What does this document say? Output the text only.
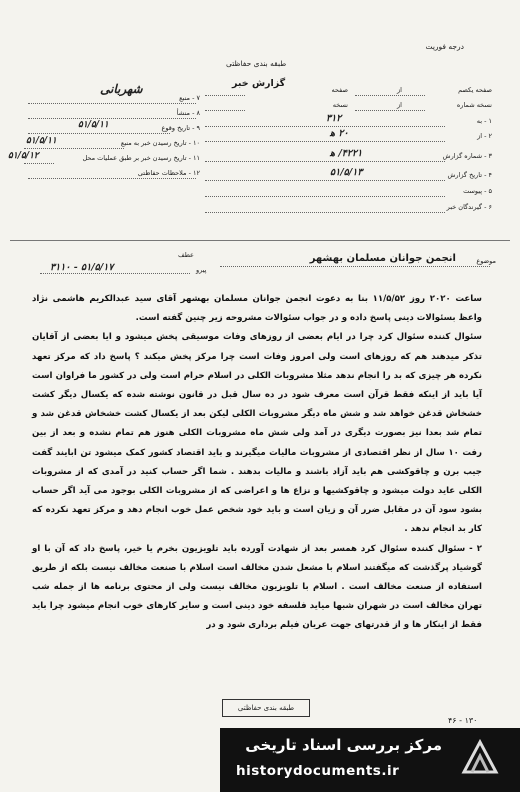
درجه فوریت
طبقه بندی حفاظتی
گزارش خبر
شهربانی
۷ - منبع
۸ - منشأ
۹ - تاریخ وقوع
۵۱/۵/۱۱
۱۰ - تاریخ رسیدن خبر به منبع
۵۱/۵/۱۱
۱۱ - تاریخ رسیدن خبر بر طبق عملیات محل
۵۱/۵/۱۲
۱۲ - ملاحظات حفاظتی
صفحه یکصم
از
صفحه
نسخه شماره
از
نسخه
۱ - به
۳۱۲
۲ - از
۲۰ ه‍
۳ - شماره گزارش
۴۲۲۱/ ه‍
۴ - تاریخ گزارش
۵۱/۵/۱۳
۵ - پیوست
۶ - گیرندگان خبر
موضوع
انجمن جوانان مسلمان بهشهر
عطف
پیرو
۵۱/۵/۱۷ - ۳۱۱۰

ساعت ۲۰۲۰ روز ۱۱/۵/۵۲ بنا به دعوت انجمن جوانان مسلمان بهشهر آقای سید عبدالکریم هاشمی نژاد واعظ بسئوالات دینی پاسخ داده و در جواب سئوالات مشروحه زیر چنین گفته است.

سئوال کننده سئوال کرد چرا در ایام بعضی از روزهای وفات موسیقی پخش میشود و ایا بعضی از آقایان تذکر میدهند هم که روزهای است ولی امروز وفات است چرا مرکز پخش میکند ؟ پاسخ داد که مرکز تعهد نکرده هر چیزی که بد را انجام ندهد مثلا مشروبات الکلی در اسلام حرام است ولی در کشور ما فراوان است آیا باید از اینکه فقط قرآن است معرف شود در ده سال قبل در قانون نوشته شده که یکسال دیگر کشت خشخاش قدغن خواهد شد و شش ماه دیگر مشروبات الکلی لیکن بعد از یکسال کشت خشخاش قدغن شد و تمام شد بعدا نیز بصورت دیگری در آمد ولی شش ماه مشروبات الکلی هنوز هم تمام نشده و بعد از بین رفت ۱۰ سال از نظر اقتصادی از مشروبات مالیات میگیرند و باید اقتصاد کشور کمک میشود تن ابایند گفت جیب برن و چاقوکشی هم باید آزاد باشند و مالیات بدهند . شما اگر حساب کنید در آمدی که از مشروبات الکلی عاید دولت میشود و چاقوکشیها و نزاع ها و اعراضی که از مشروبات الکلی بوجود می آید اگر حساب بشود سود آن در مقابل ضرر آن و زیان است و باید خود شخص عمل خوب انجام دهد و مرکز تعهد نکرده که کار بد انجام ندهد .

۲ - سئوال کننده سئوال کرد همسر بعد از شهادت آورده باید تلویزیون بخرم یا خیر، پاسخ داد که آن با او گوشیاد پرگذشت که میگفتند اسلام با مشعل شدن مخالف است اسلام با صنعت مخالف نیست بلکه از طریق استفاده از صنعت مخالف است . اسلام با تلویزیون مخالف نیست ولی از محتوی برنامه ها از جمله شب تهران مخالف است در شهران شبها میاید فلسفه خود دینی است و سایر کارهای خوب انجام میشود چرا باید فقط از اینکار ها و از قدرتهای جهت عریان فیلم برداری شود و در

طبقه بندی حفاظتی
۴۶ - ۱۳۰
مرکز بررسی اسناد تاریخی
historydocuments.ir
